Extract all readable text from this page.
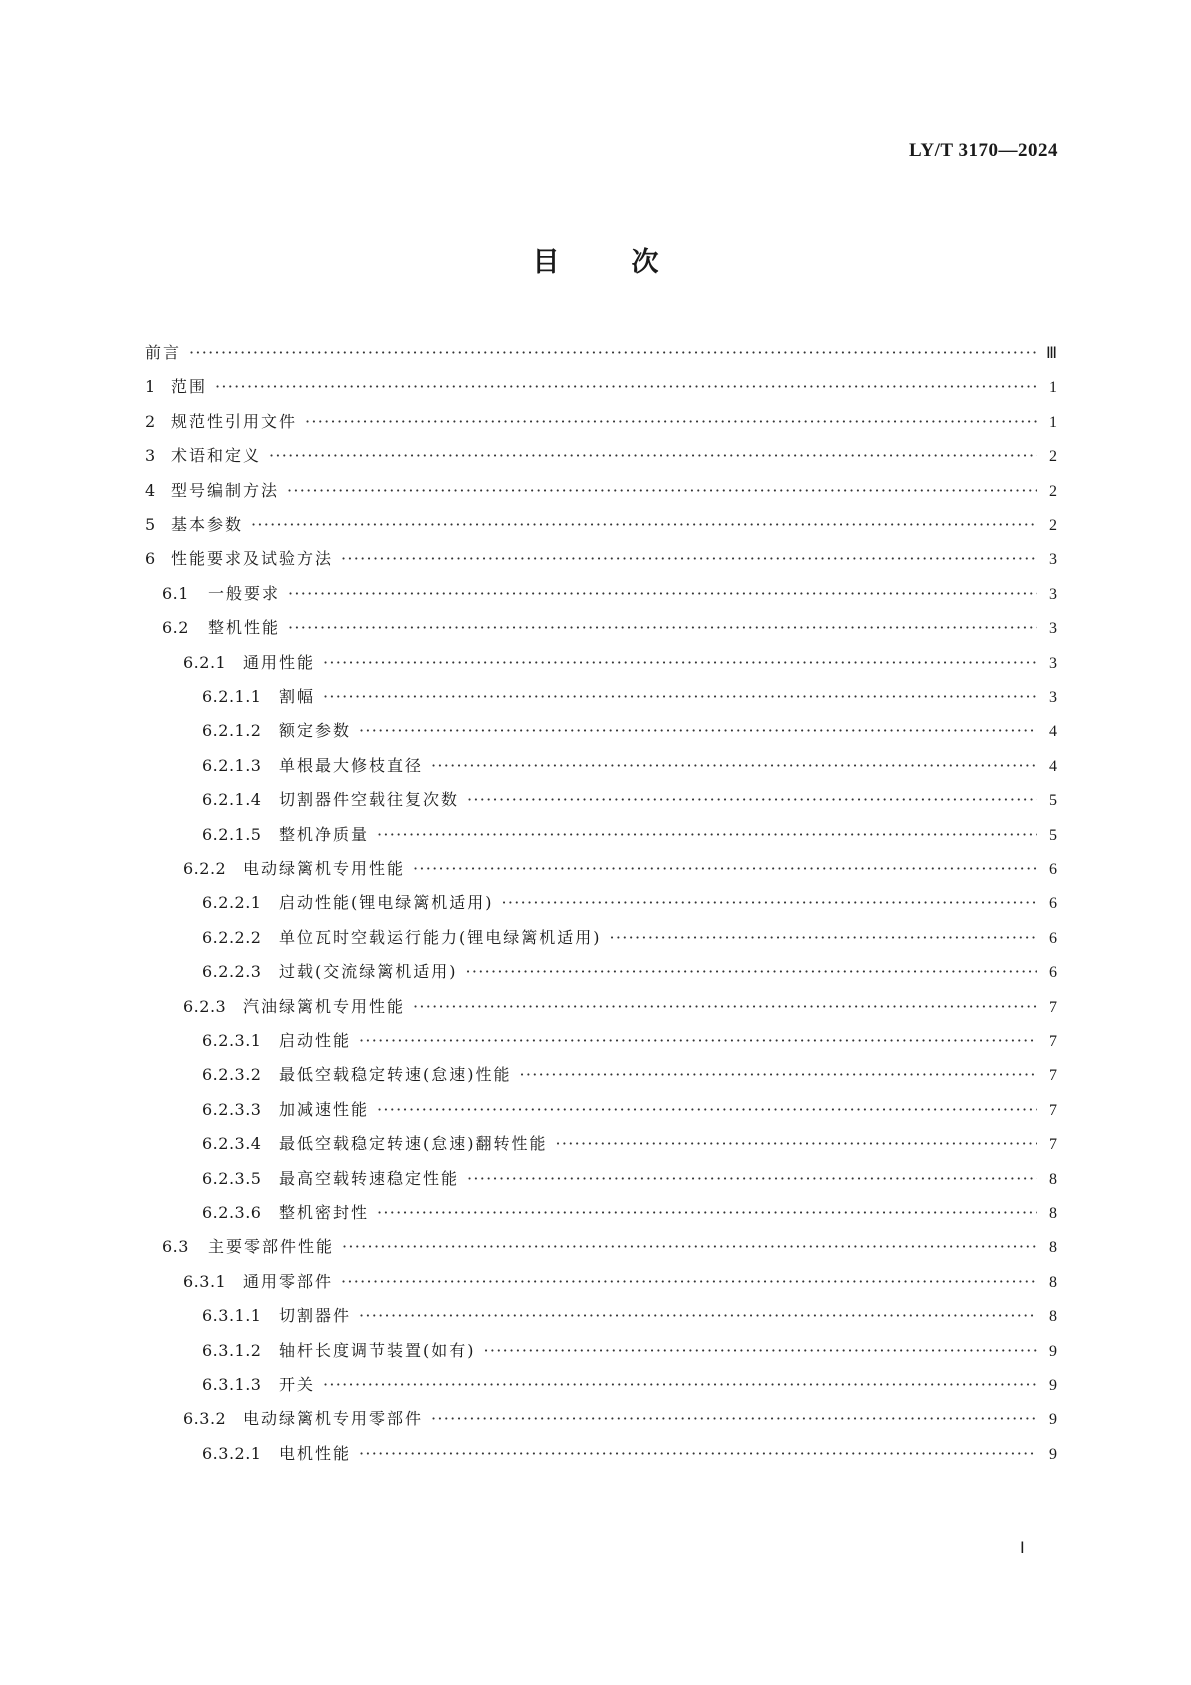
LY/T 3170—2024
目	次
前言 ·····	Ⅲ
1 范围 ·····	1
2 规范性引用文件 ·····	1
3 术语和定义 ·····	2
4 型号编制方法 ·····	2
5 基本参数 ·····	2
6 性能要求及试验方法 ·····	3
6.1	一般要求 ·····	3
6.2	整机性能 ·····	3
6.2.1	通用性能 ·····	3
6.2.1.1	割幅 ·····	3
6.2.1.2	额定参数 ·····	4
6.2.1.3	单根最大修枝直径 ·····	4
6.2.1.4	切割器件空载往复次数 ·····	5
6.2.1.5	整机净质量 ·····	5
6.2.2	电动绿篱机专用性能 ·····	6
6.2.2.1	启动性能(锂电绿篱机适用) ·····	6
6.2.2.2	单位瓦时空载运行能力(锂电绿篱机适用) ·····	6
6.2.2.3	过载(交流绿篱机适用) ·····	6
6.2.3	汽油绿篱机专用性能 ·····	7
6.2.3.1	启动性能 ·····	7
6.2.3.2	最低空载稳定转速(怠速)性能 ·····	7
6.2.3.3	加减速性能 ·····	7
6.2.3.4	最低空载稳定转速(怠速)翻转性能 ·····	7
6.2.3.5	最高空载转速稳定性能 ·····	8
6.2.3.6	整机密封性 ·····	8
6.3	主要零部件性能 ·····	8
6.3.1	通用零部件 ·····	8
6.3.1.1	切割器件 ·····	8
6.3.1.2	轴杆长度调节装置(如有) ·····	9
6.3.1.3	开关 ·····	9
6.3.2	电动绿篱机专用零部件 ·····	9
6.3.2.1	电机性能 ·····	9
Ⅰ
